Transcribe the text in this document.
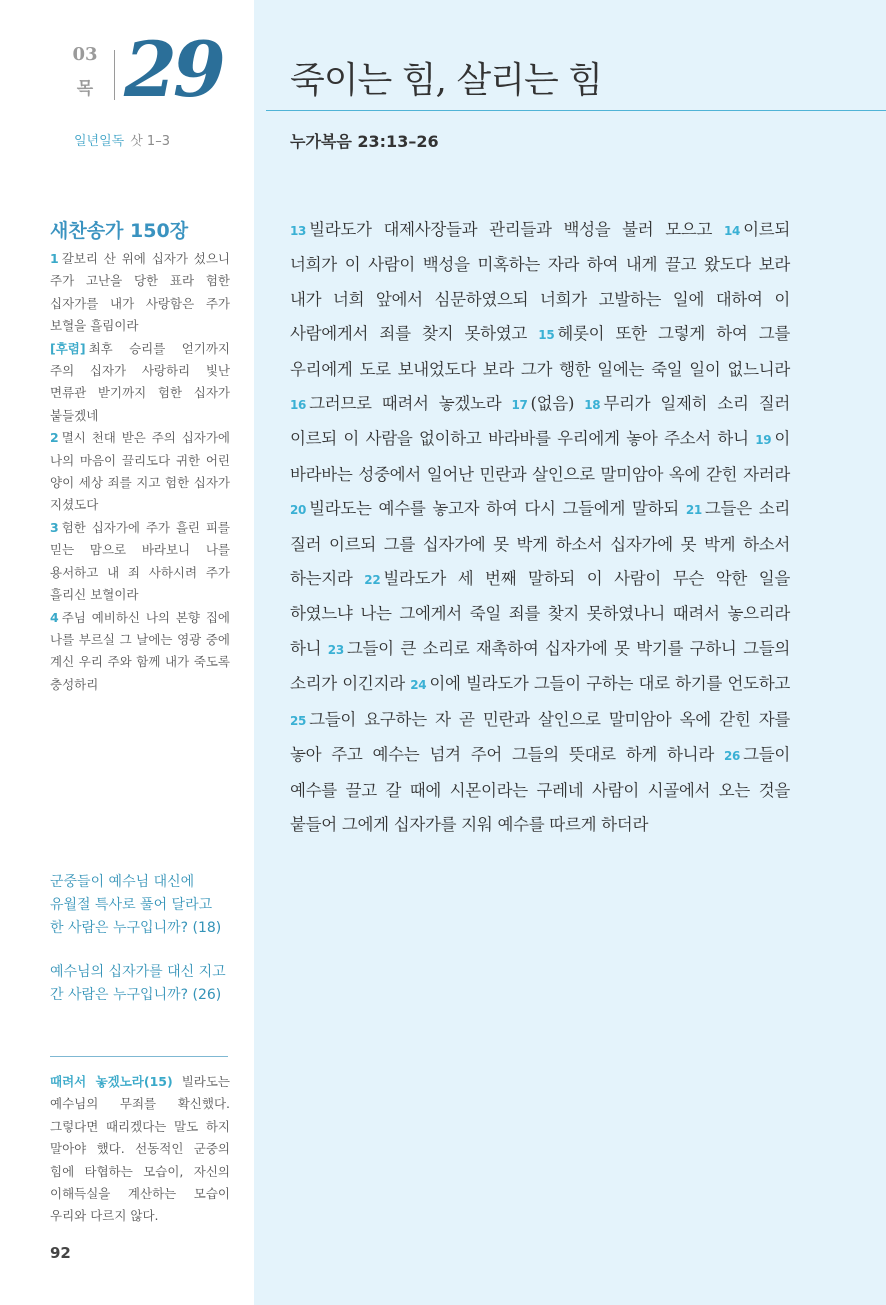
03
목 29
일년일독 삿 1–3
새찬송가 150장
1 갈보리 산 위에 십자가 섰으니 주가 고난을 당한 표라 험한 십자가를 내가 사랑함은 주가 보혈을 흘림이라
[후렴] 최후 승리를 얻기까지 주의 십자가 사랑하리 빛난 면류관 받기까지 험한 십자가 붙들겠네
2 멸시 천대 받은 주의 십자가에 나의 마음이 끌리도다 귀한 어린 양이 세상 죄를 지고 험한 십자가 지셨도다
3 험한 십자가에 주가 흘린 피를 믿는 맘으로 바라보니 나를 용서하고 내 죄 사하시려 주가 흘리신 보혈이라
4 주님 예비하신 나의 본향 집에 나를 부르실 그 날에는 영광 중에 계신 우리 주와 함께 내가 죽도록 충성하리
군중들이 예수님 대신에 유월절 특사로 풀어 달라고 한 사람은 누구입니까? (18)
예수님의 십자가를 대신 지고 간 사람은 누구입니까? (26)
때려서 놓겠노라(15) 빌라도는 예수님의 무죄를 확신했다. 그렇다면 때리겠다는 말도 하지 말아야 했다. 선동적인 군중의 힘에 타협하는 모습이, 자신의 이해득실을 계산하는 모습이 우리와 다르지 않다.
92
죽이는 힘, 살리는 힘
누가복음 23:13–26
13 빌라도가 대제사장들과 관리들과 백성을 불러 모으고 14 이르되 너희가 이 사람이 백성을 미혹하는 자라 하여 내게 끌고 왔도다 보라 내가 너희 앞에서 심문하였으되 너희가 고발하는 일에 대하여 이 사람에게서 죄를 찾지 못하였고 15 헤롯이 또한 그렇게 하여 그를 우리에게 도로 보내었도다 보라 그가 행한 일에는 죽일 일이 없느니라 16 그러므로 때려서 놓겠노라 17 (없음) 18 무리가 일제히 소리 질러 이르되 이 사람을 없이하고 바라바를 우리에게 놓아 주소서 하니 19 이 바라바는 성중에서 일어난 민란과 살인으로 말미암아 옥에 갇힌 자러라 20 빌라도는 예수를 놓고자 하여 다시 그들에게 말하되 21 그들은 소리 질러 이르되 그를 십자가에 못 박게 하소서 십자가에 못 박게 하소서 하는지라 22 빌라도가 세 번째 말하되 이 사람이 무슨 악한 일을 하였느냐 나는 그에게서 죽일 죄를 찾지 못하였나니 때려서 놓으리라 하니 23 그들이 큰 소리로 재촉하여 십자가에 못 박기를 구하니 그들의 소리가 이긴지라 24 이에 빌라도가 그들이 구하는 대로 하기를 언도하고 25 그들이 요구하는 자 곧 민란과 살인으로 말미암아 옥에 갇힌 자를 놓아 주고 예수는 넘겨 주어 그들의 뜻대로 하게 하니라 26 그들이 예수를 끌고 갈 때에 시몬이라는 구레네 사람이 시골에서 오는 것을 붙들어 그에게 십자가를 지워 예수를 따르게 하더라
